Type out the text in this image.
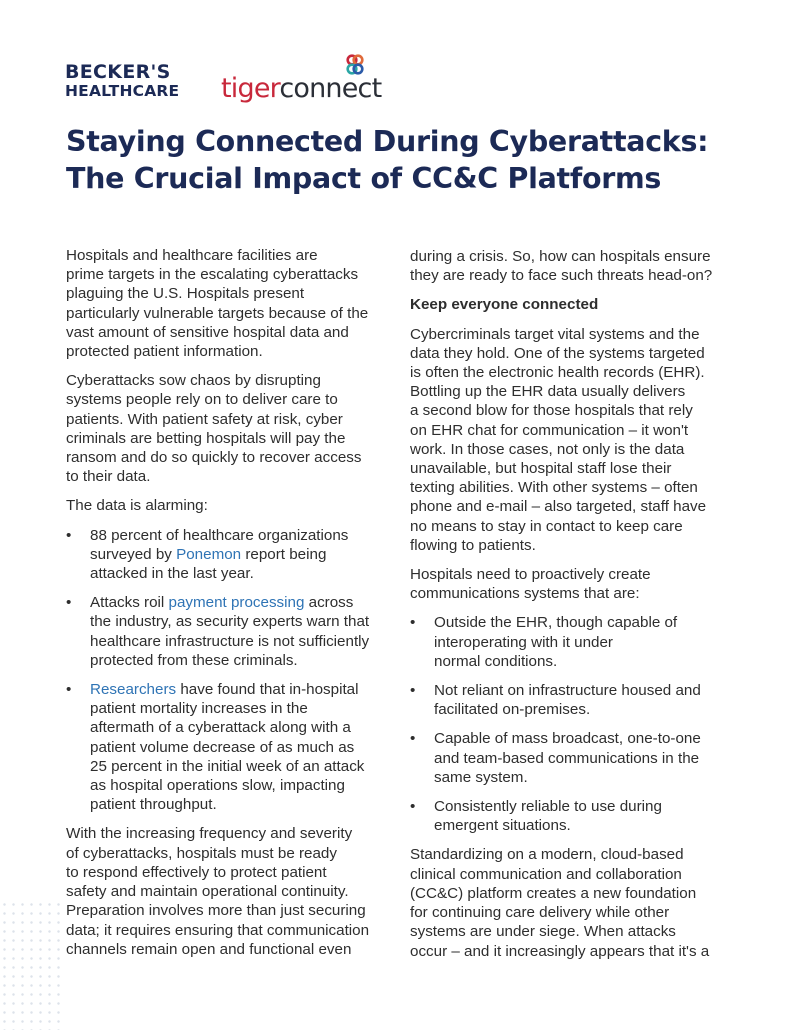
BECKER'S
HEALTHCARE tigerconnect
Staying Connected During Cyberattacks:
The Crucial Impact of CC&C Platforms

Hospitals and healthcare facilities are
prime targets in the escalating cyberattacks
plaguing the U.S. Hospitals present
particularly vulnerable targets because of the
vast amount of sensitive hospital data and
protected patient information.

Cyberattacks sow chaos by disrupting
systems people rely on to deliver care to
patients. With patient safety at risk, cyber
criminals are betting hospitals will pay the
ransom and do so quickly to recover access
to their data.

The data is alarming:

• 88 percent of healthcare organizations
surveyed by Ponemon report being
attacked in the last year.
• Attacks roil payment processing across
the industry, as security experts warn that
healthcare infrastructure is not sufficiently
protected from these criminals.
• Researchers have found that in-hospital
patient mortality increases in the
aftermath of a cyberattack along with a
patient volume decrease of as much as
25 percent in the initial week of an attack
as hospital operations slow, impacting
patient throughput.

With the increasing frequency and severity
of cyberattacks, hospitals must be ready
to respond effectively to protect patient
safety and maintain operational continuity.
Preparation involves more than just securing
data; it requires ensuring that communication
channels remain open and functional even

during a crisis. So, how can hospitals ensure
they are ready to face such threats head-on?

Keep everyone connected

Cybercriminals target vital systems and the
data they hold. One of the systems targeted
is often the electronic health records (EHR).
Bottling up the EHR data usually delivers
a second blow for those hospitals that rely
on EHR chat for communication – it won't
work. In those cases, not only is the data
unavailable, but hospital staff lose their
texting abilities. With other systems – often
phone and e-mail – also targeted, staff have
no means to stay in contact to keep care
flowing to patients.

Hospitals need to proactively create
communications systems that are:

• Outside the EHR, though capable of
interoperating with it under
normal conditions.
• Not reliant on infrastructure housed and
facilitated on-premises.
• Capable of mass broadcast, one-to-one
and team-based communications in the
same system.
• Consistently reliable to use during
emergent situations.

Standardizing on a modern, cloud-based
clinical communication and collaboration
(CC&C) platform creates a new foundation
for continuing care delivery while other
systems are under siege. When attacks
occur – and it increasingly appears that it's a
